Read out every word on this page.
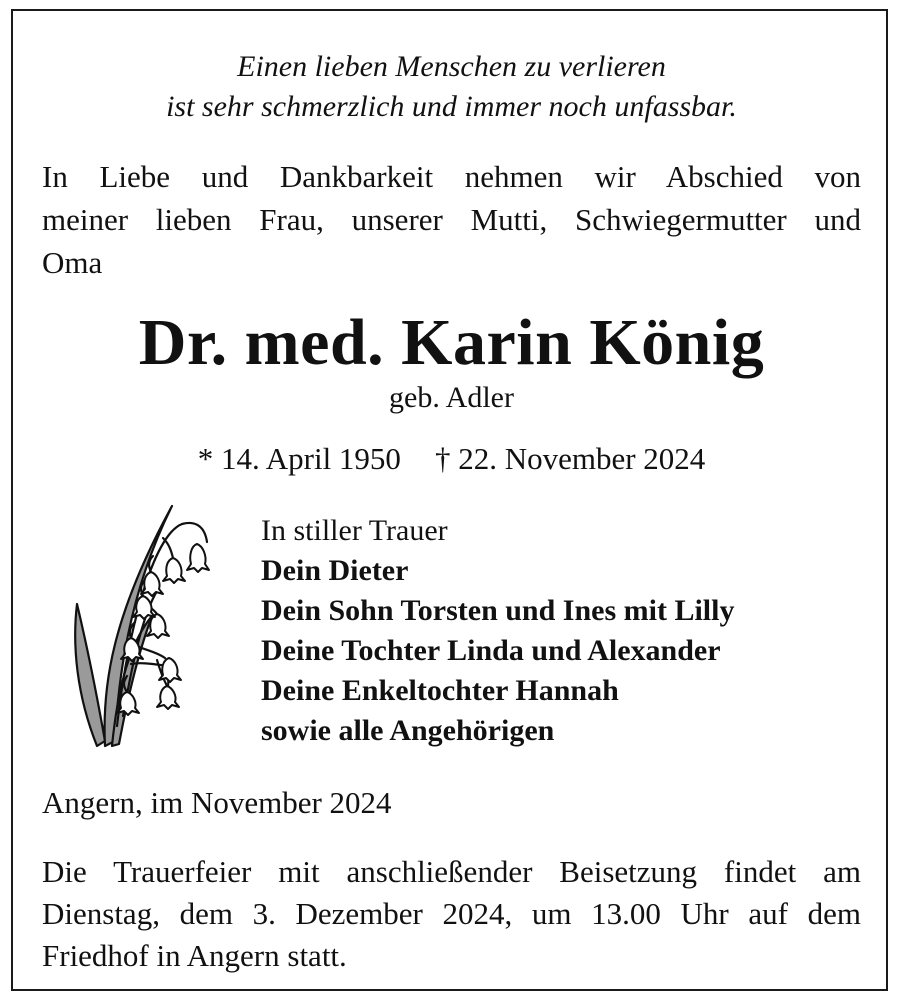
Einen lieben Menschen zu verlieren
ist sehr schmerzlich und immer noch unfassbar.
In Liebe und Dankbarkeit nehmen wir Abschied von
meiner lieben Frau, unserer Mutti, Schwiegermutter und
Oma
Dr. med. Karin König
geb. Adler
* 14. April 1950 † 22. November 2024
In stiller Trauer
Dein Dieter
Dein Sohn Torsten und Ines mit Lilly
Deine Tochter Linda und Alexander
Deine Enkeltochter Hannah
sowie alle Angehörigen
Angern, im November 2024
Die Trauerfeier mit anschließender Beisetzung findet am
Dienstag, dem 3. Dezember 2024, um 13.00 Uhr auf dem
Friedhof in Angern statt.
